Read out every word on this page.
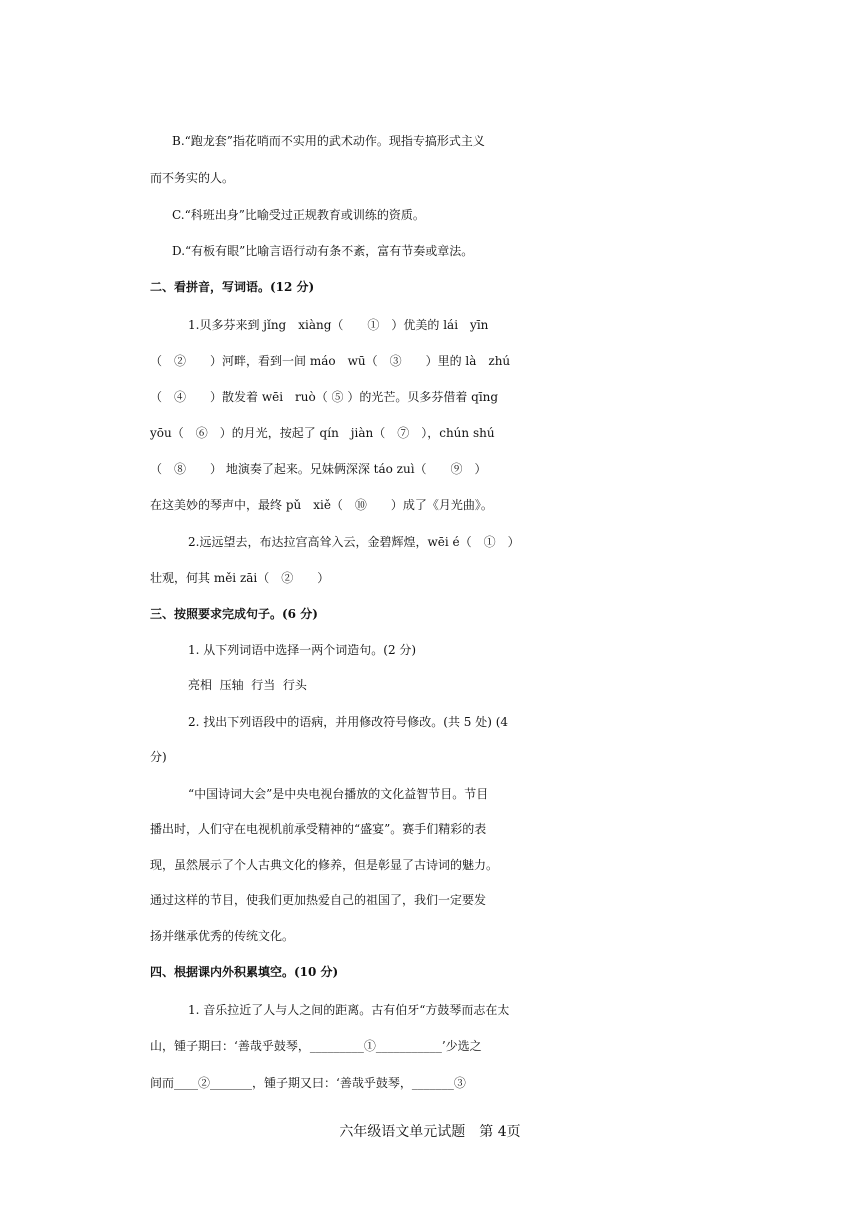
B.“跑龙套”指花哨而不实用的武术动作。现指专搞形式主义
而不务实的人。
C.“科班出身”比喻受过正规教育或训练的资质。
D.“有板有眼”比喻言语行动有条不紊，富有节奏或章法。
二、看拼音，写词语。(12 分)
1.贝多芬来到 jǐng　xiàng（　　①　）优美的 lái　yīn
（　②　　）河畔，看到一间 máo　wū（　③　　）里的 là　zhú
（　④　　）散发着 wēi　ruò（ ⑤ ）的光芒。贝多芬借着 qīng
yōu（　⑥　）的月光，按起了 qín　jiàn（　⑦　），chún shú
（　⑧　　） 地演奏了起来。兄妹俩深深 táo zuì（　　⑨　）
在这美妙的琴声中，最终 pǔ　xiě（　⑩　　）成了《月光曲》。
2.远远望去，布达拉宫高耸入云，金碧辉煌，wēi é（　①　）
壮观，何其 měi zāi（　②　　）
三、按照要求完成句子。(6 分)
1. 从下列词语中选择一两个词造句。(2 分)
亮相  压轴  行当  行头
2. 找出下列语段中的语病，并用修改符号修改。(共 5 处) (4
分)
“中国诗词大会”是中央电视台播放的文化益智节目。节目
播出时，人们守在电视机前承受精神的“盛宴”。赛手们精彩的表
现，虽然展示了个人古典文化的修养，但是彰显了古诗词的魅力。
通过这样的节目，使我们更加热爱自己的祖国了，我们一定要发
扬并继承优秀的传统文化。
四、根据课内外积累填空。(10 分)
1. 音乐拉近了人与人之间的距离。古有伯牙“方鼓琴而志在太
山，锺子期曰：‘善哉乎鼓琴，_________①___________’少选之
间而____②_______，锺子期又曰：‘善哉乎鼓琴，_______③
六年级语文单元试题　第 4页
